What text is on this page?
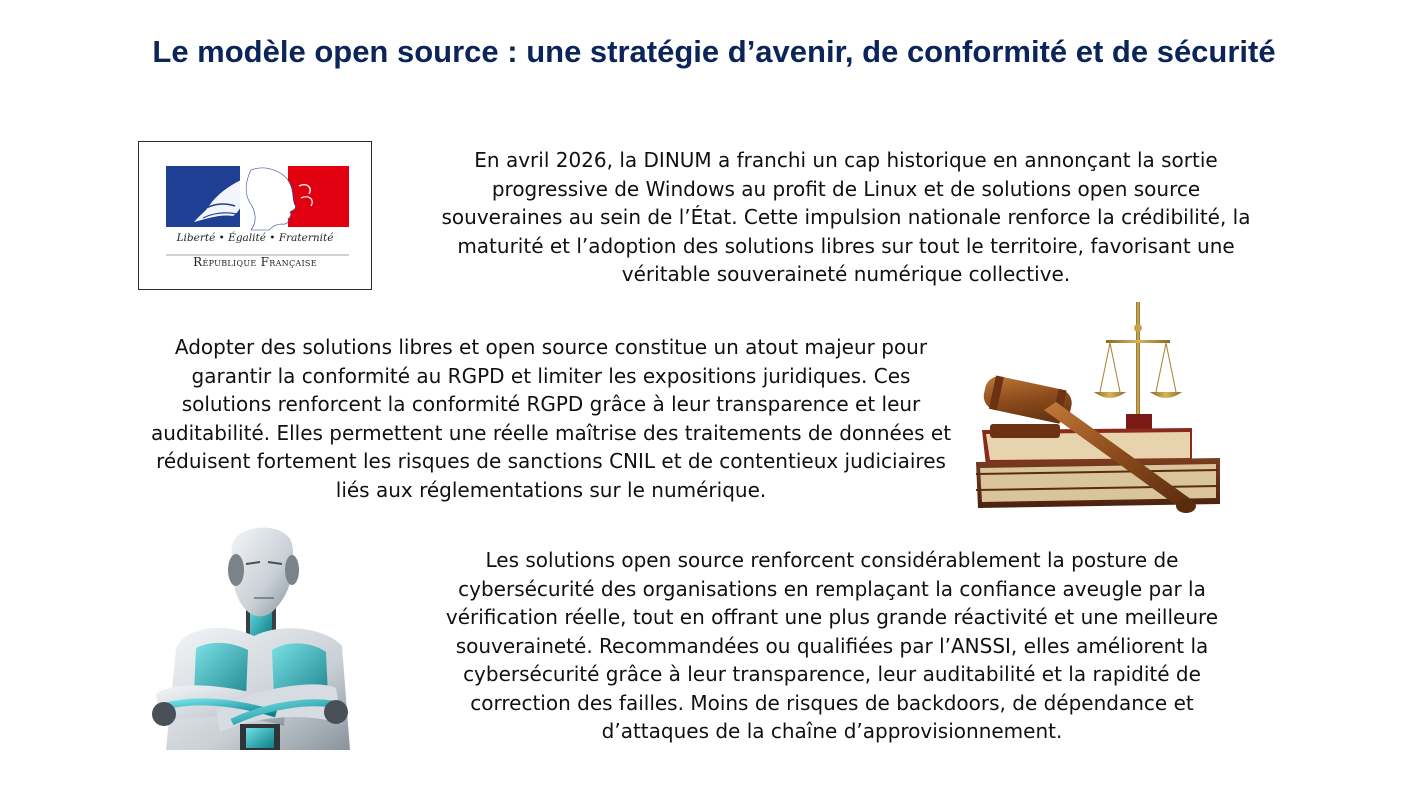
Le modèle open source : une stratégie d’avenir, de conformité et de sécurité
Liberté • Égalité • Fraternité
République Française

En avril 2026, la DINUM a franchi un cap historique en annonçant la sortie progressive de Windows au profit de Linux et de solutions open source souveraines au sein de l’État. Cette impulsion nationale renforce la crédibilité, la maturité et l’adoption des solutions libres sur tout le territoire, favorisant une véritable souveraineté numérique collective.

Adopter des solutions libres et open source constitue un atout majeur pour garantir la conformité au RGPD et limiter les expositions juridiques. Ces solutions renforcent la conformité RGPD grâce à leur transparence et leur auditabilité. Elles permettent une réelle maîtrise des traitements de données et réduisent fortement les risques de sanctions CNIL et de contentieux judiciaires liés aux réglementations sur le numérique.

Les solutions open source renforcent considérablement la posture de cybersécurité des organisations en remplaçant la confiance aveugle par la vérification réelle, tout en offrant une plus grande réactivité et une meilleure souveraineté. Recommandées ou qualifiées par l’ANSSI, elles améliorent la cybersécurité grâce à leur transparence, leur auditabilité et la rapidité de correction des failles. Moins de risques de backdoors, de dépendance et d’attaques de la chaîne d’approvisionnement.
